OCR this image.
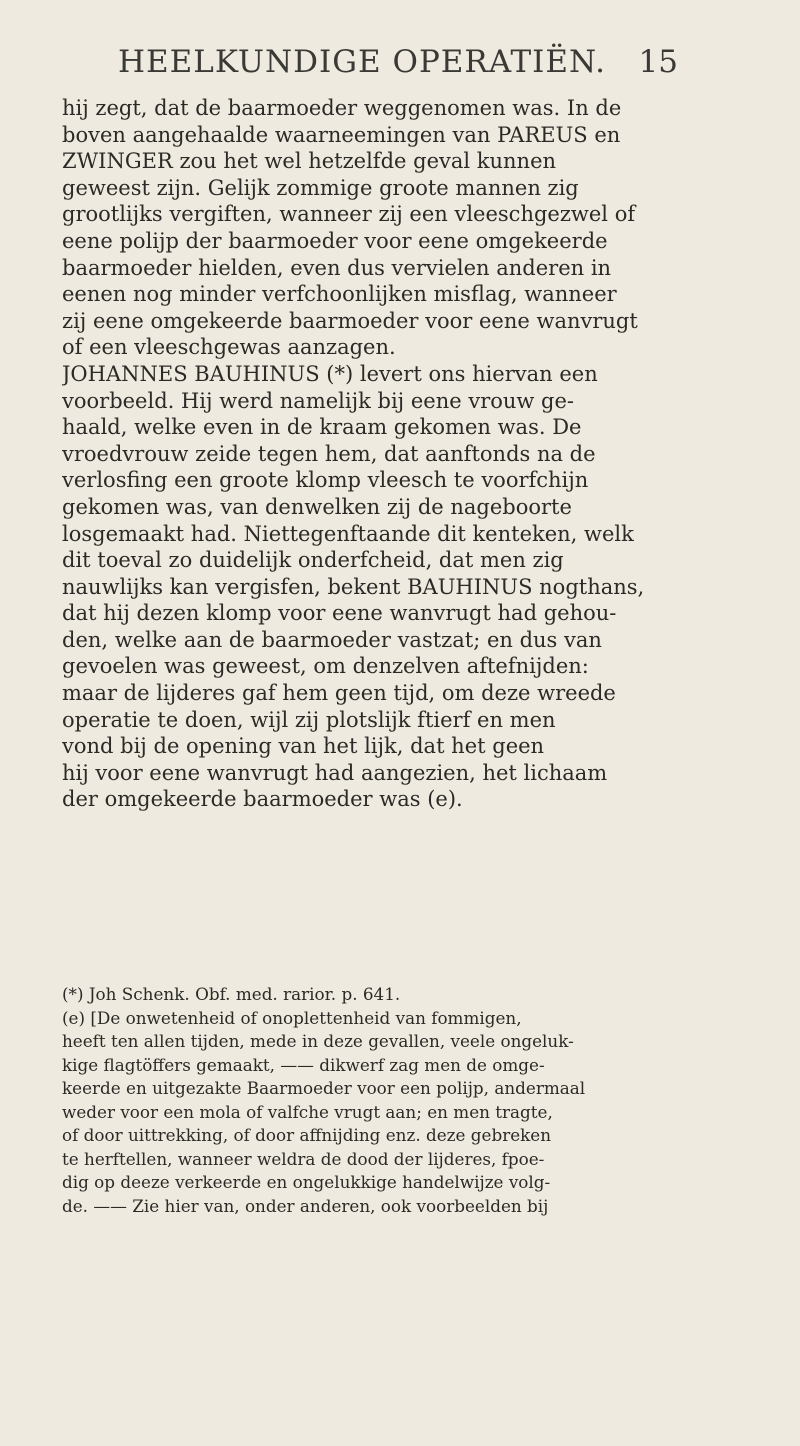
HEELKUNDIGE OPERATIËN. 15
hij zegt, dat de baarmoeder weggenomen was. In de
boven aangehaalde waarneemingen van PAREUS en
ZWINGER zou het wel hetzelfde geval kunnen
geweest zijn. Gelijk zommige groote mannen zig
grootlijks vergiften, wanneer zij een vleeschgezwel of
eene polijp der baarmoeder voor eene omgekeerde
baarmoeder hielden, even dus vervielen anderen in
eenen nog minder verfchoonlijken misflag, wanneer
zij eene omgekeerde baarmoeder voor eene wanvrugt
of een vleeschgewas aanzagen.
JOHANNES BAUHINUS (*) levert ons hiervan een
voorbeeld. Hij werd namelijk bij eene vrouw ge-
haald, welke even in de kraam gekomen was. De
vroedvrouw zeide tegen hem, dat aanftonds na de
verlosfing een groote klomp vleesch te voorfchijn
gekomen was, van denwelken zij de nageboorte
losgemaakt had. Niettegenftaande dit kenteken, welk
dit toeval zo duidelijk onderfcheid, dat men zig
nauwlijks kan vergisfen, bekent BAUHINUS nogthans,
dat hij dezen klomp voor eene wanvrugt had gehou-
den, welke aan de baarmoeder vastzat; en dus van
gevoelen was geweest, om denzelven aftefnijden:
maar de lijderes gaf hem geen tijd, om deze wreede
operatie te doen, wijl zij plotslijk ftierf en men
vond bij de opening van het lijk, dat het geen
hij voor eene wanvrugt had aangezien, het lichaam
der omgekeerde baarmoeder was (e).
(*) Joh Schenk. Obf. med. rarior. p. 641.
(e) [De onwetenheid of onoplettenheid van fommigen,
heeft ten allen tijden, mede in deze gevallen, veele ongeluk-
kige flagtöffers gemaakt, —— dikwerf zag men de omge-
keerde en uitgezakte Baarmoeder voor een polijp, andermaal
weder voor een mola of valfche vrugt aan; en men tragte,
of door uittrekking, of door affnijding enz. deze gebreken
te herftellen, wanneer weldra de dood der lijderes, fpoe-
dig op deeze verkeerde en ongelukkige handelwijze volg-
de. —— Zie hier van, onder anderen, ook voorbeelden bij
